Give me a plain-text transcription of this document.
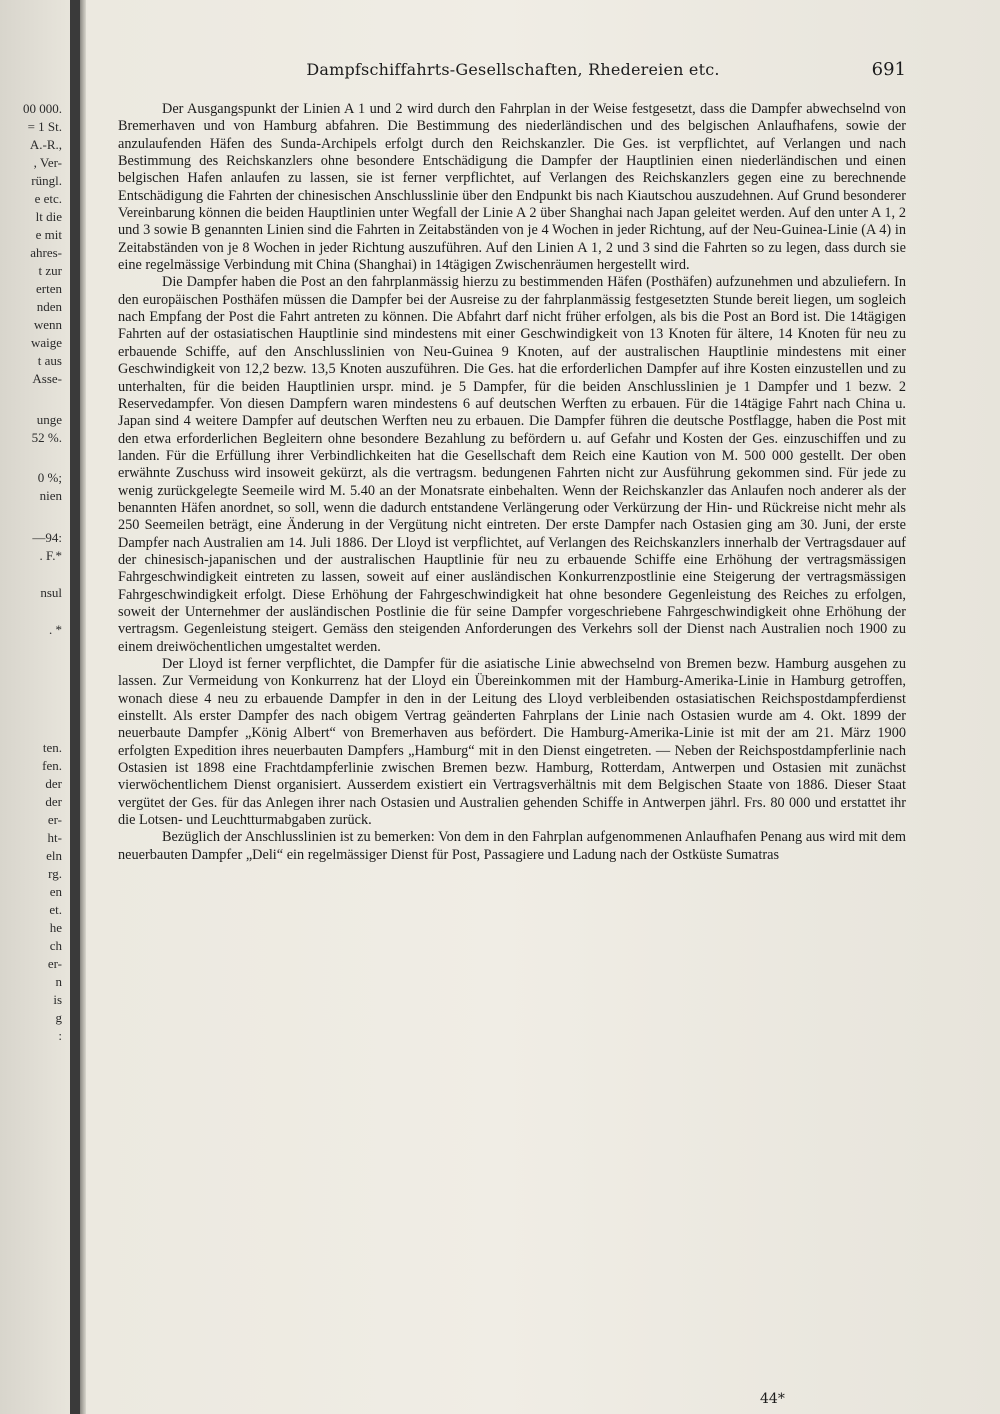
00 000.
= 1 St.
A.-R.,
, Ver-
rüngl.
e etc.
lt die
e mit
ahres-
t zur
erten
nden
wenn
waige
t aus
Asse-
unge
52 %.
0 %;
nien
—94:
. F.*
nsul
. *
ten.
fen.
der
der
er-
ht-
eln
rg.
en
et.
he
ch
er-
n
is
g
:
Dampfschiffahrts-Gesellschaften, Rhedereien etc.	691

Der Ausgangspunkt der Linien A 1 und 2 wird durch den Fahrplan in der Weise festgesetzt, dass die Dampfer abwechselnd von Bremerhaven und von Hamburg abfahren. Die Bestimmung des niederländischen und des belgischen Anlaufhafens, sowie der anzulaufenden Häfen des Sunda-Archipels erfolgt durch den Reichskanzler. Die Ges. ist verpflichtet, auf Verlangen und nach Bestimmung des Reichskanzlers ohne besondere Entschädigung die Dampfer der Hauptlinien einen niederländischen und einen belgischen Hafen anlaufen zu lassen, sie ist ferner verpflichtet, auf Verlangen des Reichskanzlers gegen eine zu berechnende Entschädigung die Fahrten der chinesischen Anschlusslinie über den Endpunkt bis nach Kiautschou auszudehnen. Auf Grund besonderer Vereinbarung können die beiden Hauptlinien unter Wegfall der Linie A 2 über Shanghai nach Japan geleitet werden. Auf den unter A 1, 2 und 3 sowie B genannten Linien sind die Fahrten in Zeitabständen von je 4 Wochen in jeder Richtung, auf der Neu-Guinea-Linie (A 4) in Zeitabständen von je 8 Wochen in jeder Richtung auszuführen. Auf den Linien A 1, 2 und 3 sind die Fahrten so zu legen, dass durch sie eine regelmässige Verbindung mit China (Shanghai) in 14tägigen Zwischenräumen hergestellt wird.

Die Dampfer haben die Post an den fahrplanmässig hierzu zu bestimmenden Häfen (Posthäfen) aufzunehmen und abzuliefern. In den europäischen Posthäfen müssen die Dampfer bei der Ausreise zu der fahrplanmässig festgesetzten Stunde bereit liegen, um sogleich nach Empfang der Post die Fahrt antreten zu können. Die Abfahrt darf nicht früher erfolgen, als bis die Post an Bord ist. Die 14tägigen Fahrten auf der ostasiatischen Hauptlinie sind mindestens mit einer Geschwindigkeit von 13 Knoten für ältere, 14 Knoten für neu zu erbauende Schiffe, auf den Anschlusslinien von Neu-Guinea 9 Knoten, auf der australischen Hauptlinie mindestens mit einer Geschwindigkeit von 12,2 bezw. 13,5 Knoten auszuführen. Die Ges. hat die erforderlichen Dampfer auf ihre Kosten einzustellen und zu unterhalten, für die beiden Hauptlinien urspr. mind. je 5 Dampfer, für die beiden Anschlusslinien je 1 Dampfer und 1 bezw. 2 Reservedampfer. Von diesen Dampfern waren mindestens 6 auf deutschen Werften zu erbauen. Für die 14tägige Fahrt nach China u. Japan sind 4 weitere Dampfer auf deutschen Werften neu zu erbauen. Die Dampfer führen die deutsche Postflagge, haben die Post mit den etwa erforderlichen Begleitern ohne besondere Bezahlung zu befördern u. auf Gefahr und Kosten der Ges. einzuschiffen und zu landen. Für die Erfüllung ihrer Verbindlichkeiten hat die Gesellschaft dem Reich eine Kaution von M. 500 000 gestellt. Der oben erwähnte Zuschuss wird insoweit gekürzt, als die vertragsm. bedungenen Fahrten nicht zur Ausführung gekommen sind. Für jede zu wenig zurückgelegte Seemeile wird M. 5.40 an der Monatsrate einbehalten. Wenn der Reichskanzler das Anlaufen noch anderer als der benannten Häfen anordnet, so soll, wenn die dadurch entstandene Verlängerung oder Verkürzung der Hin- und Rückreise nicht mehr als 250 Seemeilen beträgt, eine Änderung in der Vergütung nicht eintreten. Der erste Dampfer nach Ostasien ging am 30. Juni, der erste Dampfer nach Australien am 14. Juli 1886. Der Lloyd ist verpflichtet, auf Verlangen des Reichskanzlers innerhalb der Vertragsdauer auf der chinesisch-japanischen und der australischen Hauptlinie für neu zu erbauende Schiffe eine Erhöhung der vertragsmässigen Fahrgeschwindigkeit eintreten zu lassen, soweit auf einer ausländischen Konkurrenzpostlinie eine Steigerung der vertragsmässigen Fahrgeschwindigkeit erfolgt. Diese Erhöhung der Fahrgeschwindigkeit hat ohne besondere Gegenleistung des Reiches zu erfolgen, soweit der Unternehmer der ausländischen Postlinie die für seine Dampfer vorgeschriebene Fahrgeschwindigkeit ohne Erhöhung der vertragsm. Gegenleistung steigert. Gemäss den steigenden Anforderungen des Verkehrs soll der Dienst nach Australien noch 1900 zu einem dreiwöchentlichen umgestaltet werden.

Der Lloyd ist ferner verpflichtet, die Dampfer für die asiatische Linie abwechselnd von Bremen bezw. Hamburg ausgehen zu lassen. Zur Vermeidung von Konkurrenz hat der Lloyd ein Übereinkommen mit der Hamburg-Amerika-Linie in Hamburg getroffen, wonach diese 4 neu zu erbauende Dampfer in den in der Leitung des Lloyd verbleibenden ostasiatischen Reichspostdampferdienst einstellt. Als erster Dampfer des nach obigem Vertrag geänderten Fahrplans der Linie nach Ostasien wurde am 4. Okt. 1899 der neuerbaute Dampfer „König Albert“ von Bremerhaven aus befördert. Die Hamburg-Amerika-Linie ist mit der am 21. März 1900 erfolgten Expedition ihres neuerbauten Dampfers „Hamburg“ mit in den Dienst eingetreten. — Neben der Reichspostdampferlinie nach Ostasien ist 1898 eine Frachtdampferlinie zwischen Bremen bezw. Hamburg, Rotterdam, Antwerpen und Ostasien mit zunächst vierwöchentlichem Dienst organisiert. Ausserdem existiert ein Vertragsverhältnis mit dem Belgischen Staate von 1886. Dieser Staat vergütet der Ges. für das Anlegen ihrer nach Ostasien und Australien gehenden Schiffe in Antwerpen jährl. Frs. 80 000 und erstattet ihr die Lotsen- und Leuchtturmabgaben zurück.

Bezüglich der Anschlusslinien ist zu bemerken: Von dem in den Fahrplan aufgenommenen Anlaufhafen Penang aus wird mit dem neuerbauten Dampfer „Deli“ ein regelmässiger Dienst für Post, Passagiere und Ladung nach der Ostküste Sumatras

44*
